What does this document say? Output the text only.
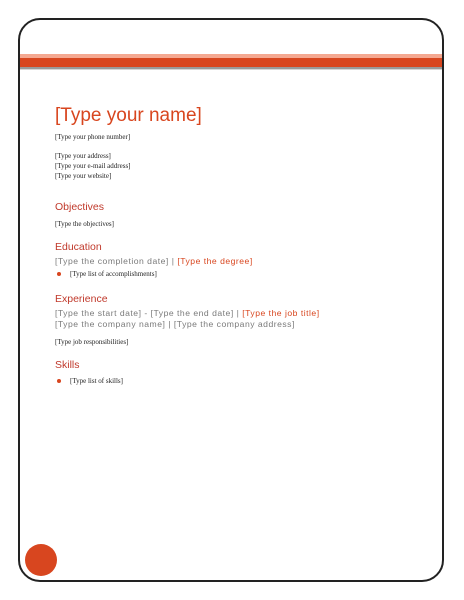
[Type your name]
[Type your phone number]
[Type your address]
[Type your e-mail address]
[Type your website]
Objectives
[Type the objectives]
Education
[Type the completion date] | [Type the degree]
[Type list of accomplishments]
Experience
[Type the start date] - [Type the end date] | [Type the job title]
[Type the company name] | [Type the company address]
[Type job responsibilities]
Skills
[Type list of skills]
